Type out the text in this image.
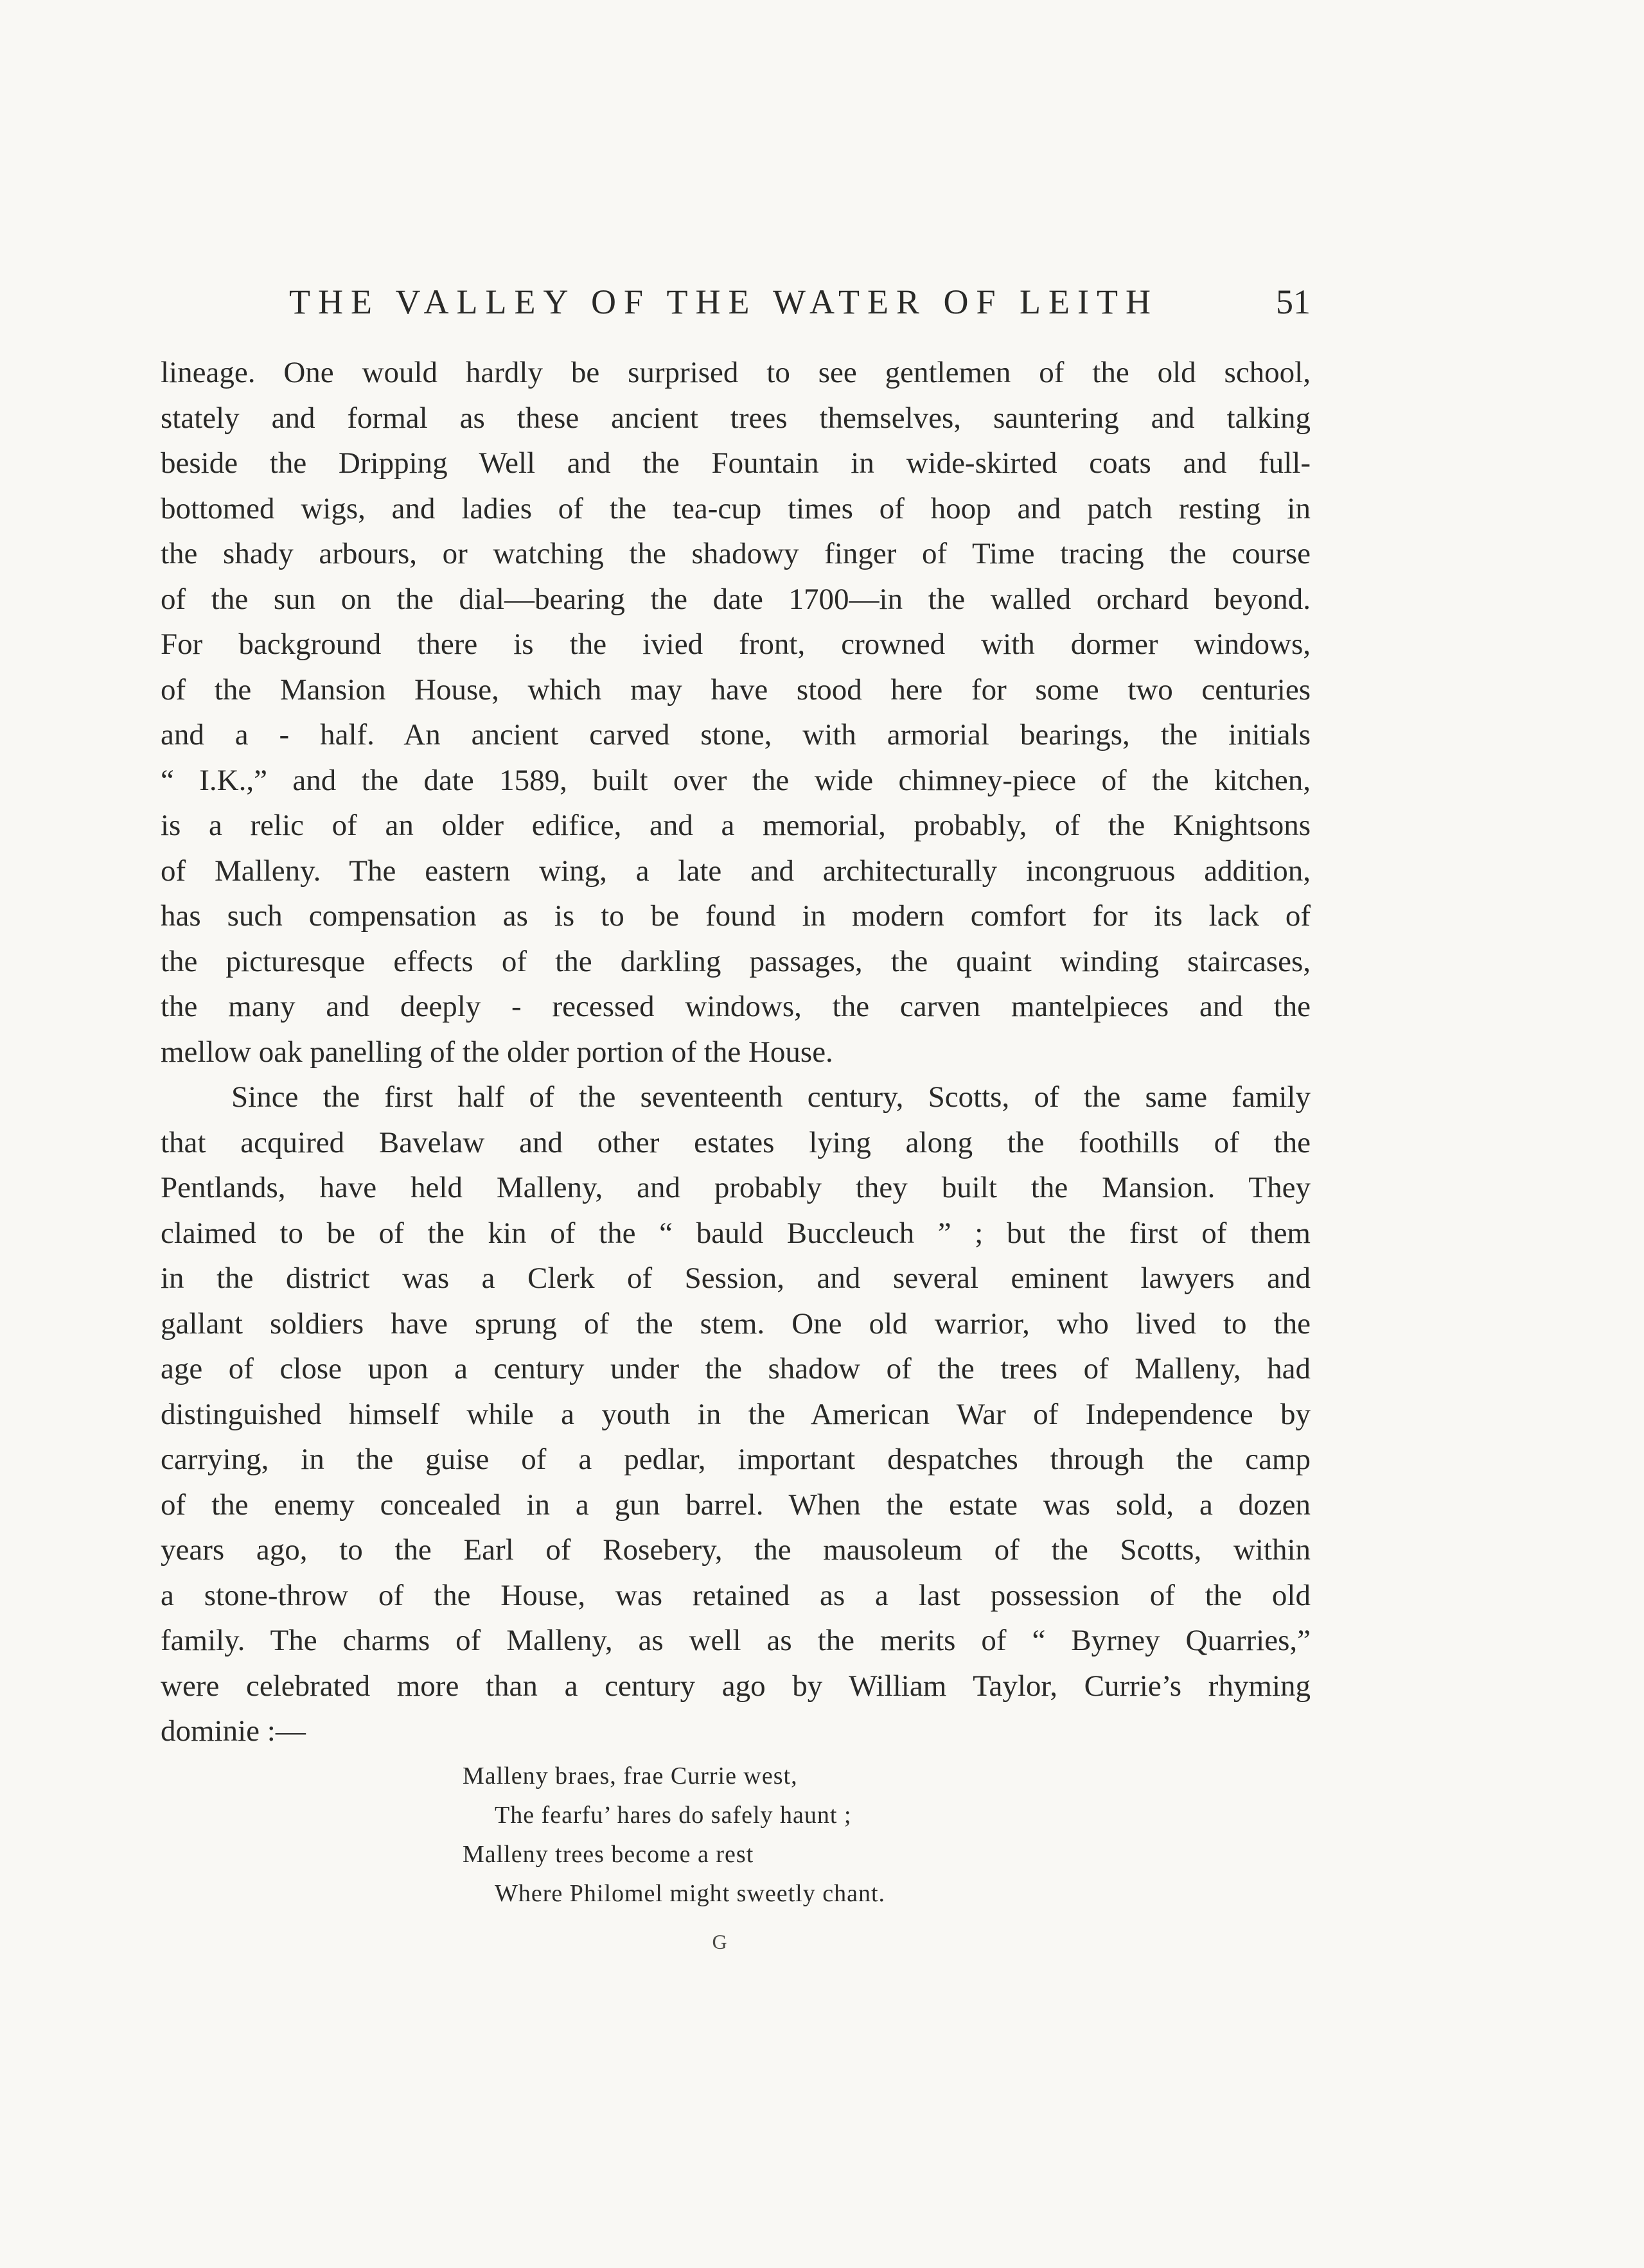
THE VALLEY OF THE WATER OF LEITH	51
lineage. One would hardly be surprised to see gentlemen of the old school,
stately and formal as these ancient trees themselves, sauntering and talking
beside the Dripping Well and the Fountain in wide-skirted coats and full-
bottomed wigs, and ladies of the tea-cup times of hoop and patch resting in
the shady arbours, or watching the shadowy finger of Time tracing the course
of the sun on the dial—bearing the date 1700—in the walled orchard beyond.
For background there is the ivied front, crowned with dormer windows,
of the Mansion House, which may have stood here for some two centuries
and a - half. An ancient carved stone, with armorial bearings, the initials
“ I.K.,” and the date 1589, built over the wide chimney-piece of the kitchen,
is a relic of an older edifice, and a memorial, probably, of the Knightsons
of Malleny. The eastern wing, a late and architecturally incongruous addition,
has such compensation as is to be found in modern comfort for its lack of
the picturesque effects of the darkling passages, the quaint winding staircases,
the many and deeply - recessed windows, the carven mantelpieces and the
mellow oak panelling of the older portion of the House.
Since the first half of the seventeenth century, Scotts, of the same family
that acquired Bavelaw and other estates lying along the foothills of the
Pentlands, have held Malleny, and probably they built the Mansion. They
claimed to be of the kin of the “ bauld Buccleuch ” ; but the first of them
in the district was a Clerk of Session, and several eminent lawyers and
gallant soldiers have sprung of the stem. One old warrior, who lived to the
age of close upon a century under the shadow of the trees of Malleny, had
distinguished himself while a youth in the American War of Independence by
carrying, in the guise of a pedlar, important despatches through the camp
of the enemy concealed in a gun barrel. When the estate was sold, a dozen
years ago, to the Earl of Rosebery, the mausoleum of the Scotts, within
a stone-throw of the House, was retained as a last possession of the old
family. The charms of Malleny, as well as the merits of “ Byrney Quarries,”
were celebrated more than a century ago by William Taylor, Currie’s rhyming
dominie :—
Malleny braes, frae Currie west,
The fearfu’ hares do safely haunt ;
Malleny trees become a rest
Where Philomel might sweetly chant.
G
